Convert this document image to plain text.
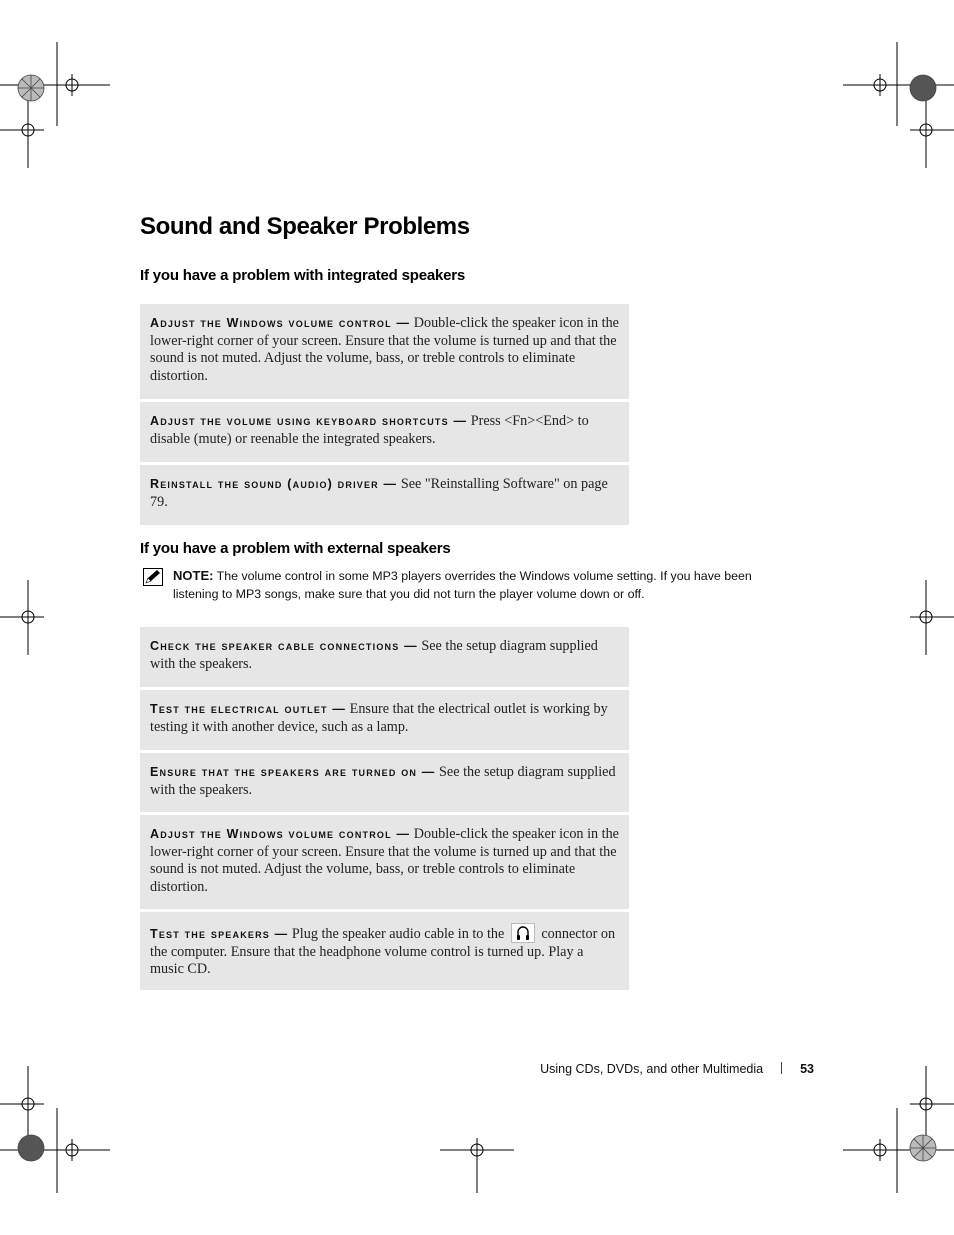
Sound and Speaker Problems
If you have a problem with integrated speakers
Adjust the Windows volume control — Double-click the speaker icon in the lower-right corner of your screen. Ensure that the volume is turned up and that the sound is not muted. Adjust the volume, bass, or treble controls to eliminate distortion.
Adjust the volume using keyboard shortcuts — Press <Fn><End> to disable (mute) or reenable the integrated speakers.
Reinstall the sound (audio) driver — See "Reinstalling Software" on page 79.
If you have a problem with external speakers
NOTE: The volume control in some MP3 players overrides the Windows volume setting. If you have been listening to MP3 songs, make sure that you did not turn the player volume down or off.
Check the speaker cable connections — See the setup diagram supplied with the speakers.
Test the electrical outlet — Ensure that the electrical outlet is working by testing it with another device, such as a lamp.
Ensure that the speakers are turned on — See the setup diagram supplied with the speakers.
Adjust the Windows volume control — Double-click the speaker icon in the lower-right corner of your screen. Ensure that the volume is turned up and that the sound is not muted. Adjust the volume, bass, or treble controls to eliminate distortion.
Test the speakers — Plug the speaker audio cable in to the	connector on the computer. Ensure that the headphone volume control is turned up. Play a music CD.
Using CDs, DVDs, and other Multimedia	53
